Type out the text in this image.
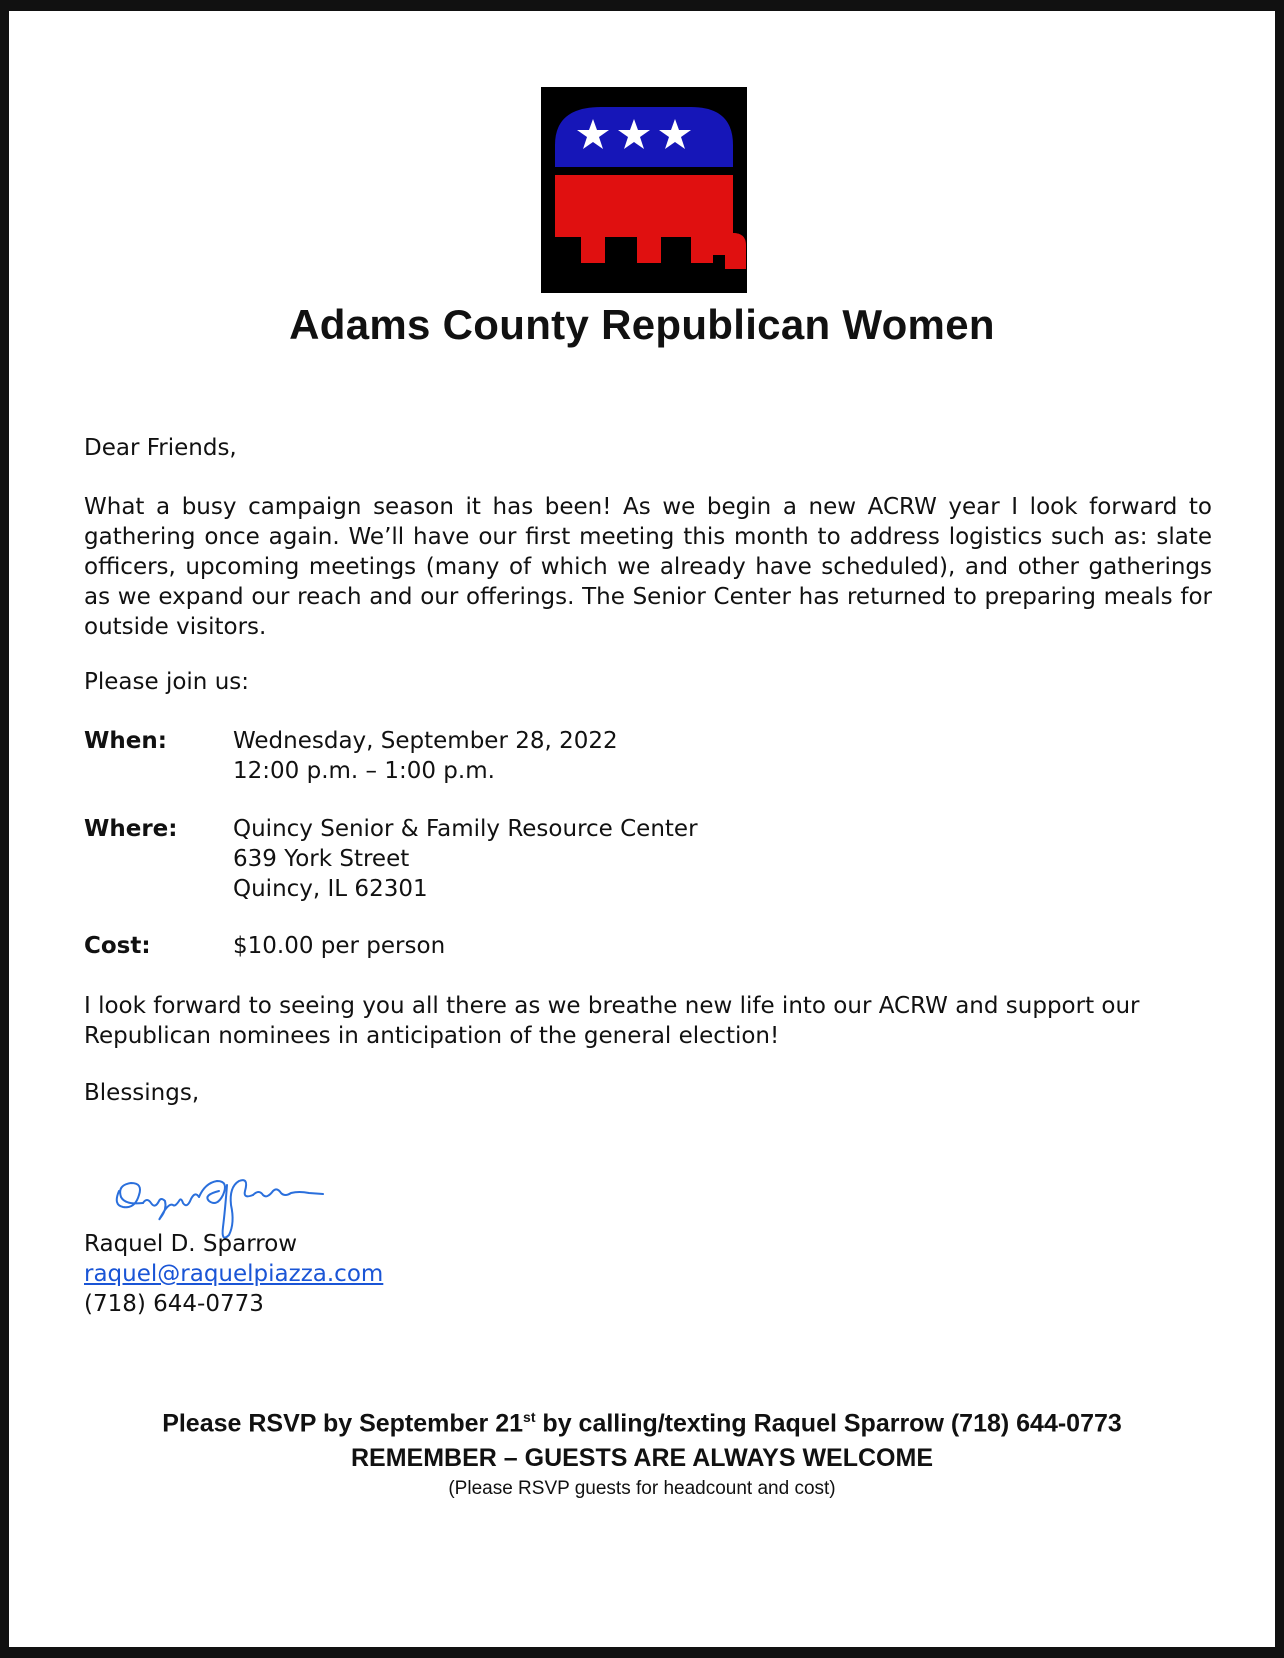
Adams County Republican Women

Dear Friends,

What a busy campaign season it has been! As we begin a new ACRW year I look forward to gathering once again. We’ll have our first meeting this month to address logistics such as: slate officers, upcoming meetings (many of which we already have scheduled), and other gatherings as we expand our reach and our offerings. The Senior Center has returned to preparing meals for outside visitors.

Please join us:

When:	Wednesday, September 28, 2022
12:00 p.m. – 1:00 p.m.
Where:	Quincy Senior & Family Resource Center
639 York Street
Quincy, IL 62301
Cost:	$10.00 per person

I look forward to seeing you all there as we breathe new life into our ACRW and support our Republican nominees in anticipation of the general election!

Blessings,

Raquel D. Sparrow

raquel@raquelpiazza.com

(718) 644-0773

Please RSVP by September 21st by calling/texting Raquel Sparrow (718) 644-0773
REMEMBER – GUESTS ARE ALWAYS WELCOME
(Please RSVP guests for headcount and cost)
